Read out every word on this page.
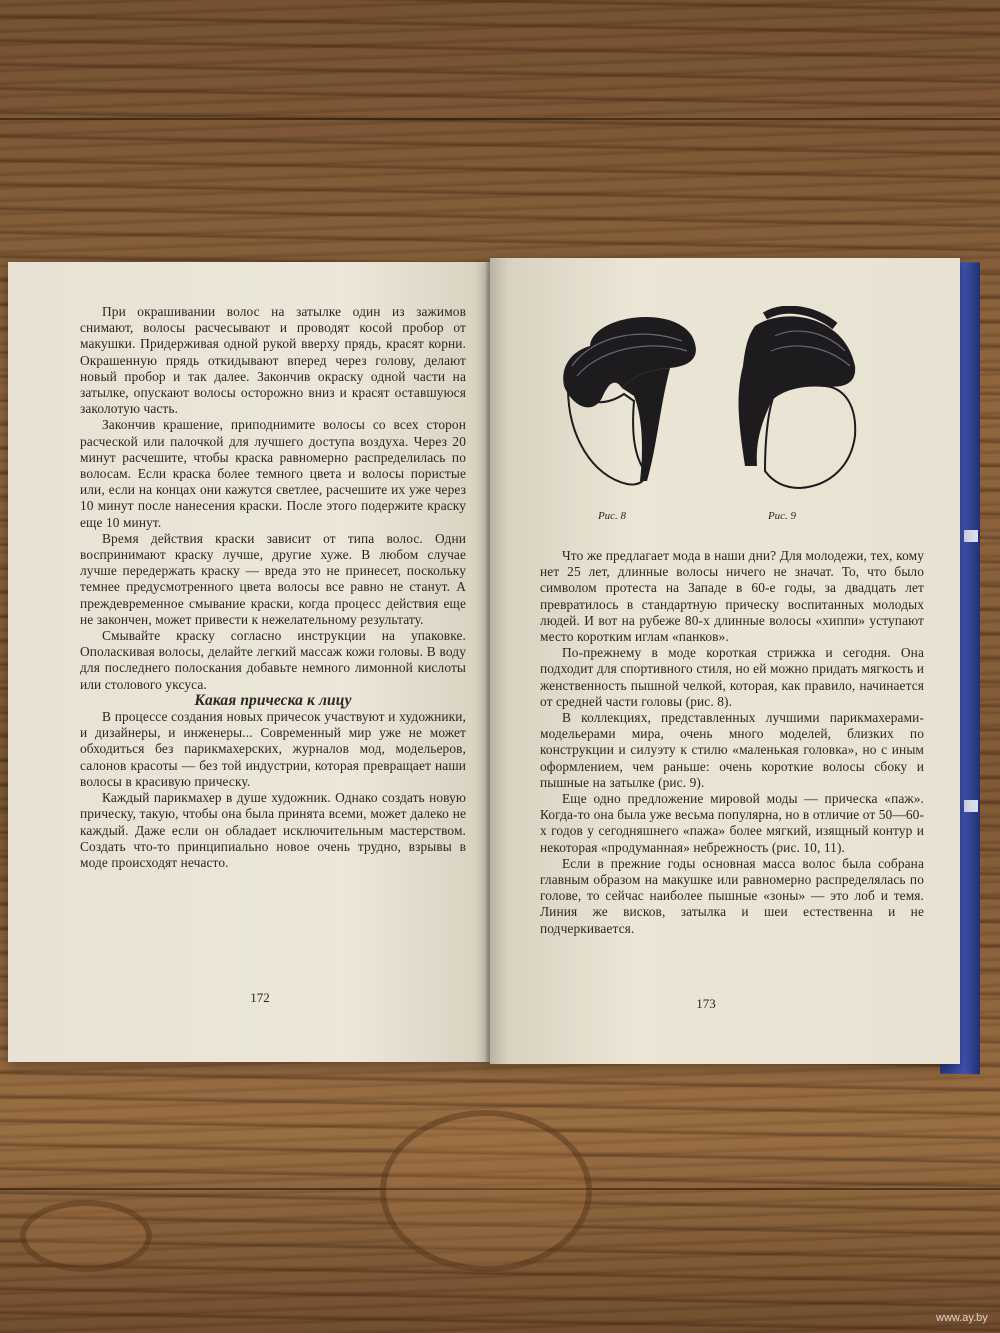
При окрашивании волос на затылке один из зажимов снимают, волосы расчесывают и проводят косой пробор от макушки. Придерживая одной рукой вверху прядь, красят корни. Окрашенную прядь откидывают вперед через голову, делают новый пробор и так далее. Закончив окраску одной части на затылке, опускают волосы осторожно вниз и красят оставшуюся заколотую часть.

Закончив крашение, приподнимите волосы со всех сторон расческой или палочкой для лучшего доступа воздуха. Через 20 минут расчешите, чтобы краска равномерно распределилась по волосам. Если краска более темного цвета и волосы пористые или, если на концах они кажутся светлее, расчешите их уже через 10 минут после нанесения краски. После этого подержите краску еще 10 минут.

Время действия краски зависит от типа волос. Одни воспринимают краску лучше, другие хуже. В любом случае лучше передержать краску — вреда это не принесет, поскольку темнее предусмотренного цвета волосы все равно не станут. А преждевременное смывание краски, когда процесс действия еще не закончен, может привести к нежелательному результату.

Смывайте краску согласно инструкции на упаковке. Ополаскивая волосы, делайте легкий массаж кожи головы. В воду для последнего полоскания добавьте немного лимонной кислоты или столового уксуса.

Какая прическа к лицу

В процессе создания новых причесок участвуют и художники, и дизайнеры, и инженеры... Современный мир уже не может обходиться без парикмахерских, журналов мод, модельеров, салонов красоты — без той индустрии, которая превращает наши волосы в красивую прическу.

Каждый парикмахер в душе художник. Однако создать новую прическу, такую, чтобы она была принята всеми, может далеко не каждый. Даже если он обладает исключительным мастерством. Создать что-то принципиально новое очень трудно, взрывы в моде происходят нечасто.

172
Рис. 8	Рис. 9

Что же предлагает мода в наши дни? Для молодежи, тех, кому нет 25 лет, длинные волосы ничего не значат. То, что было символом протеста на Западе в 60-е годы, за двадцать лет превратилось в стандартную прическу воспитанных молодых людей. И вот на рубеже 80-х длинные волосы «хиппи» уступают место коротким иглам «панков».

По-прежнему в моде короткая стрижка и сегодня. Она подходит для спортивного стиля, но ей можно придать мягкость и женственность пышной челкой, которая, как правило, начинается от средней части головы (рис. 8).

В коллекциях, представленных лучшими парикмахерами-модельерами мира, очень много моделей, близких по конструкции и силуэту к стилю «маленькая головка», но с иным оформлением, чем раньше: очень короткие волосы сбоку и пышные на затылке (рис. 9).

Еще одно предложение мировой моды — прическа «паж». Когда-то она была уже весьма популярна, но в отличие от 50—60-х годов у сегодняшнего «пажа» более мягкий, изящный контур и некоторая «продуманная» небрежность (рис. 10, 11).

Если в прежние годы основная масса волос была собрана главным образом на макушке или равномерно распределялась по голове, то сейчас наиболее пышные «зоны» — это лоб и темя. Линия же висков, затылка и шеи естественна и не подчеркивается.

173
www.ay.by
